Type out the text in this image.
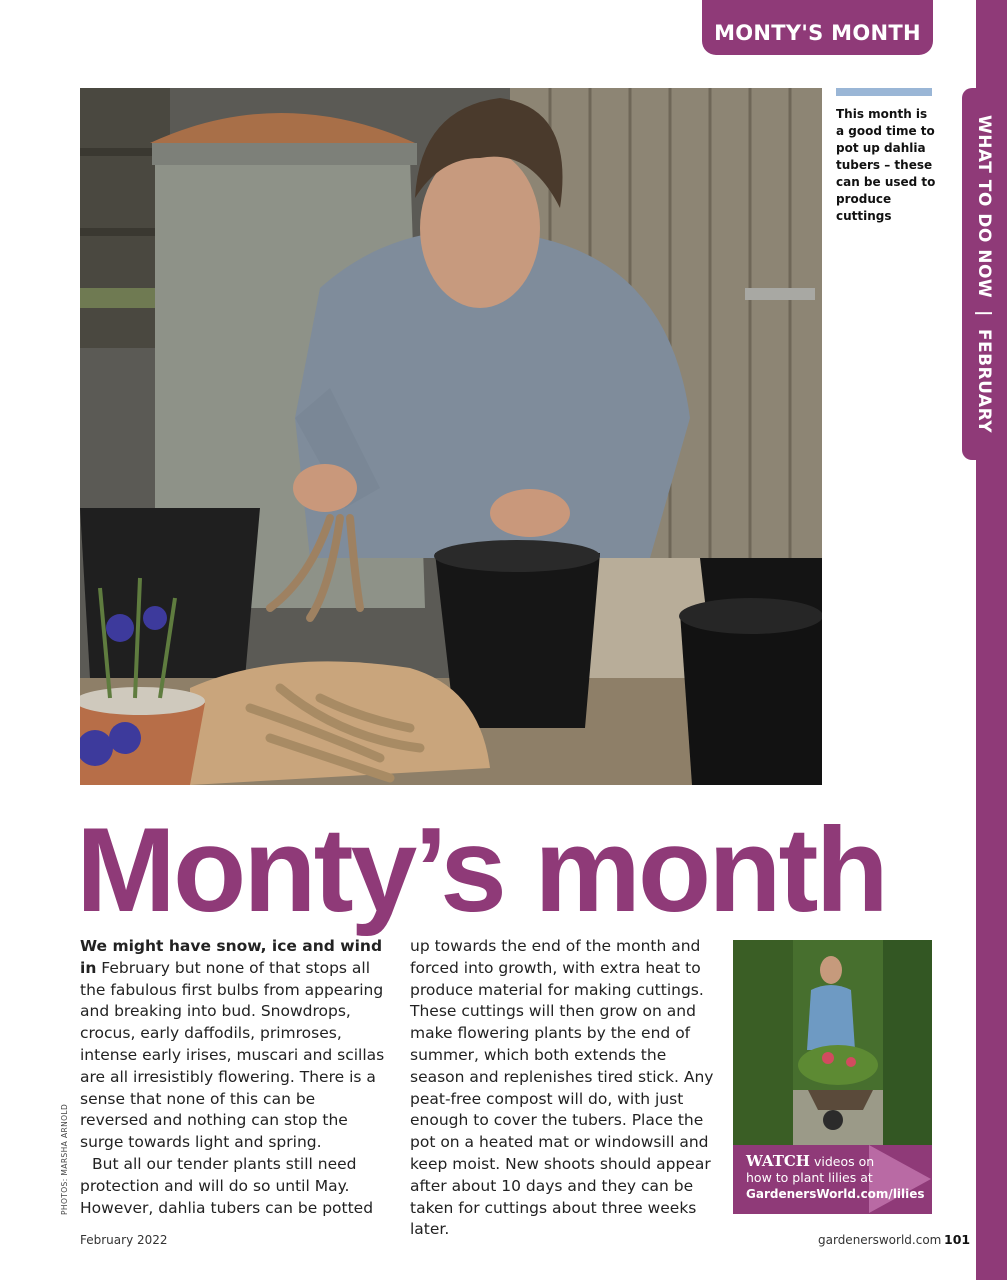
WHAT TO DO NOW|FEBRUARY
MONTY'S MONTH
This month is a good time to pot up dahlia tubers – these can be used to produce cuttings
Monty’s month
We might have snow, ice and wind in February but none of that stops all the fabulous first bulbs from appearing and breaking into bud. Snowdrops, crocus, early daffodils, primroses, intense early irises, muscari and scillas are all irresistibly flowering. There is a sense that none of this can be reversed and nothing can stop the surge towards light and spring.
But all our tender plants still need protection and will do so until May. However, dahlia tubers can be potted
up towards the end of the month and forced into growth, with extra heat to produce material for making cuttings. These cuttings will then grow on and make flowering plants by the end of summer, which both extends the season and replenishes tired stick. Any peat-free compost will do, with just enough to cover the tubers. Place the pot on a heated mat or windowsill and keep moist. New shoots should appear after about 10 days and they can be taken for cuttings about three weeks later.
PHOTOS: MARSHA ARNOLD	WATCH videos on
how to plant lilies at
GardenersWorld.com/lilies
February 2022	gardenersworld.com 101
